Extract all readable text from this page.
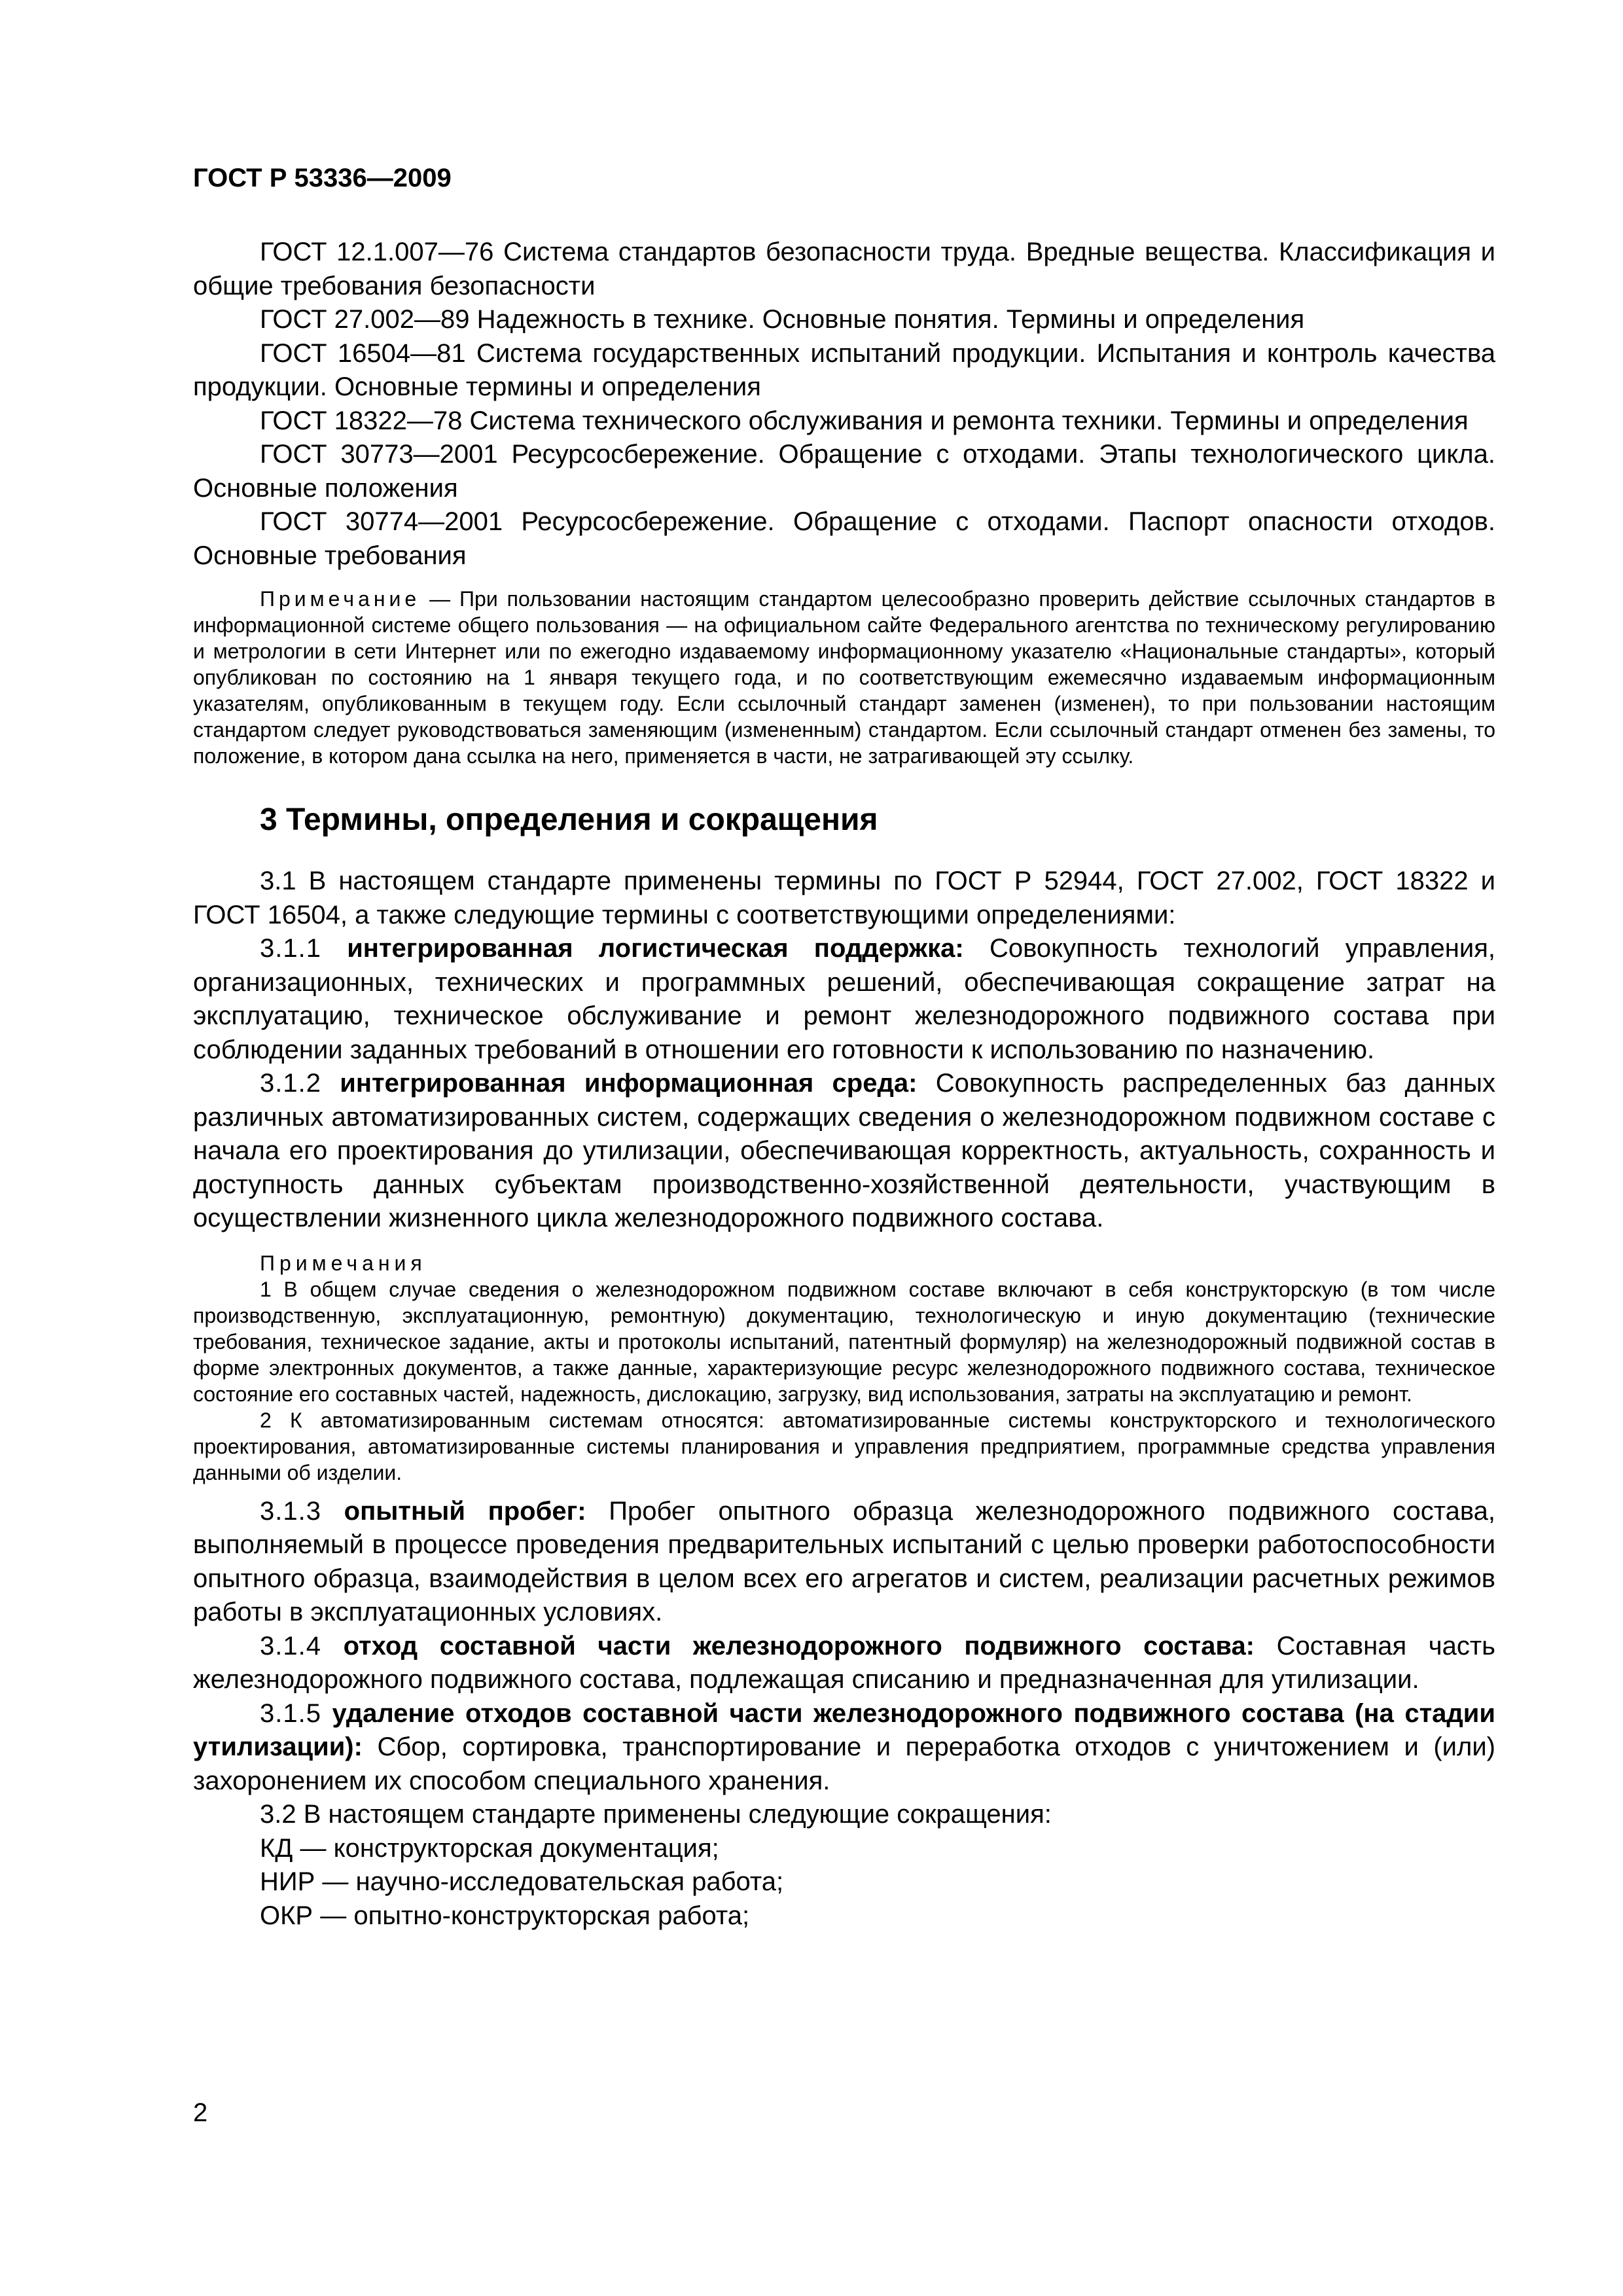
ГОСТ Р 53336—2009

ГОСТ 12.1.007—76 Система стандартов безопасности труда. Вредные вещества. Классификация и общие требования безопасности

ГОСТ 27.002—89 Надежность в технике. Основные понятия. Термины и определения

ГОСТ 16504—81 Система государственных испытаний продукции. Испытания и контроль качества продукции. Основные термины и определения

ГОСТ 18322—78 Система технического обслуживания и ремонта техники. Термины и определения

ГОСТ 30773—2001 Ресурсосбережение. Обращение с отходами. Этапы технологического цикла. Основные положения

ГОСТ 30774—2001 Ресурсосбережение. Обращение с отходами. Паспорт опасности отходов. Основные требования

Примечание — При пользовании настоящим стандартом целесообразно проверить действие ссылочных стандартов в информационной системе общего пользования — на официальном сайте Федерального агентства по техническому регулированию и метрологии в сети Интернет или по ежегодно издаваемому информационному указателю «Национальные стандарты», который опубликован по состоянию на 1 января текущего года, и по соответствующим ежемесячно издаваемым информационным указателям, опубликованным в текущем году. Если ссылочный стандарт заменен (изменен), то при пользовании настоящим стандартом следует руководствоваться заменяющим (измененным) стандартом. Если ссылочный стандарт отменен без замены, то положение, в котором дана ссылка на него, применяется в части, не затрагивающей эту ссылку.

3 Термины, определения и сокращения

3.1 В настоящем стандарте применены термины по ГОСТ Р 52944, ГОСТ 27.002, ГОСТ 18322 и ГОСТ 16504, а также следующие термины с соответствующими определениями:

3.1.1 интегрированная логистическая поддержка: Совокупность технологий управления, организационных, технических и программных решений, обеспечивающая сокращение затрат на эксплуатацию, техническое обслуживание и ремонт железнодорожного подвижного состава при соблюдении заданных требований в отношении его готовности к использованию по назначению.

3.1.2 интегрированная информационная среда: Совокупность распределенных баз данных различных автоматизированных систем, содержащих сведения о железнодорожном подвижном составе с начала его проектирования до утилизации, обеспечивающая корректность, актуальность, сохранность и доступность данных субъектам производственно-хозяйственной деятельности, участвующим в осуществлении жизненного цикла железнодорожного подвижного состава.

Примечания

1 В общем случае сведения о железнодорожном подвижном составе включают в себя конструкторскую (в том числе производственную, эксплуатационную, ремонтную) документацию, технологическую и иную документацию (технические требования, техническое задание, акты и протоколы испытаний, патентный формуляр) на железнодорожный подвижной состав в форме электронных документов, а также данные, характеризующие ресурс железнодорожного подвижного состава, техническое состояние его составных частей, надежность, дислокацию, загрузку, вид использования, затраты на эксплуатацию и ремонт.

2 К автоматизированным системам относятся: автоматизированные системы конструкторского и технологического проектирования, автоматизированные системы планирования и управления предприятием, программные средства управления данными об изделии.

3.1.3 опытный пробег: Пробег опытного образца железнодорожного подвижного состава, выполняемый в процессе проведения предварительных испытаний с целью проверки работоспособности опытного образца, взаимодействия в целом всех его агрегатов и систем, реализации расчетных режимов работы в эксплуатационных условиях.

3.1.4 отход составной части железнодорожного подвижного состава: Составная часть железнодорожного подвижного состава, подлежащая списанию и предназначенная для утилизации.

3.1.5 удаление отходов составной части железнодорожного подвижного состава (на стадии утилизации): Сбор, сортировка, транспортирование и переработка отходов с уничтожением и (или) захоронением их способом специального хранения.

3.2 В настоящем стандарте применены следующие сокращения:

КД — конструкторская документация;

НИР — научно-исследовательская работа;

ОКР — опытно-конструкторская работа;

2
